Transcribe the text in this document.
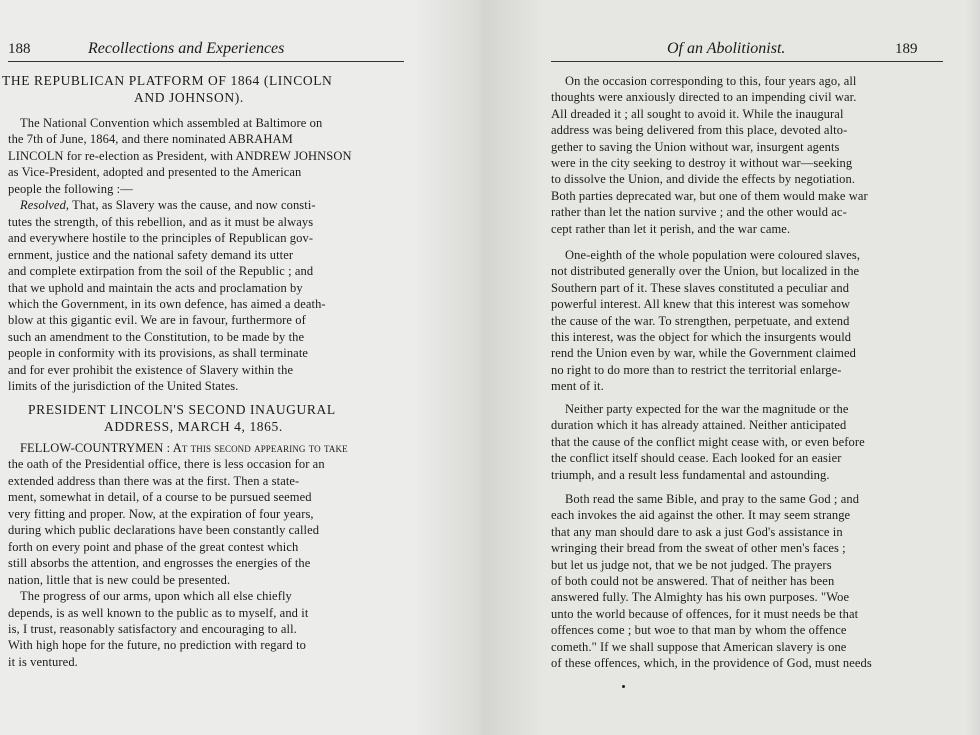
188	Recollections and Experiences
THE REPUBLICAN PLATFORM OF 1864 (LINCOLN
AND JOHNSON).
The National Convention which assembled at Baltimore on
the 7th of June, 1864, and there nominated ABRAHAM
LINCOLN for re-election as President, with ANDREW JOHNSON
as Vice-President, adopted and presented to the American
people the following :—
Resolved, That, as Slavery was the cause, and now consti-
tutes the strength, of this rebellion, and as it must be always
and everywhere hostile to the principles of Republican gov-
ernment, justice and the national safety demand its utter
and complete extirpation from the soil of the Republic ; and
that we uphold and maintain the acts and proclamation by
which the Government, in its own defence, has aimed a death-
blow at this gigantic evil. We are in favour, furthermore of
such an amendment to the Constitution, to be made by the
people in conformity with its provisions, as shall terminate
and for ever prohibit the existence of Slavery within the
limits of the jurisdiction of the United States.
PRESIDENT LINCOLN'S SECOND INAUGURAL
ADDRESS, MARCH 4, 1865.
FELLOW-COUNTRYMEN : At this second appearing to take
the oath of the Presidential office, there is less occasion for an
extended address than there was at the first. Then a state-
ment, somewhat in detail, of a course to be pursued seemed
very fitting and proper. Now, at the expiration of four years,
during which public declarations have been constantly called
forth on every point and phase of the great contest which
still absorbs the attention, and engrosses the energies of the
nation, little that is new could be presented.
The progress of our arms, upon which all else chiefly
depends, is as well known to the public as to myself, and it
is, I trust, reasonably satisfactory and encouraging to all.
With high hope for the future, no prediction with regard to
it is ventured.
Of an Abolitionist.	189
On the occasion corresponding to this, four years ago, all
thoughts were anxiously directed to an impending civil war.
All dreaded it ; all sought to avoid it. While the inaugural
address was being delivered from this place, devoted alto-
gether to saving the Union without war, insurgent agents
were in the city seeking to destroy it without war—seeking
to dissolve the Union, and divide the effects by negotiation.
Both parties deprecated war, but one of them would make war
rather than let the nation survive ; and the other would ac-
cept rather than let it perish, and the war came.
One-eighth of the whole population were coloured slaves,
not distributed generally over the Union, but localized in the
Southern part of it. These slaves constituted a peculiar and
powerful interest. All knew that this interest was somehow
the cause of the war. To strengthen, perpetuate, and extend
this interest, was the object for which the insurgents would
rend the Union even by war, while the Government claimed
no right to do more than to restrict the territorial enlarge-
ment of it.
Neither party expected for the war the magnitude or the
duration which it has already attained. Neither anticipated
that the cause of the conflict might cease with, or even before
the conflict itself should cease. Each looked for an easier
triumph, and a result less fundamental and astounding.
Both read the same Bible, and pray to the same God ; and
each invokes the aid against the other. It may seem strange
that any man should dare to ask a just God's assistance in
wringing their bread from the sweat of other men's faces ;
but let us judge not, that we be not judged. The prayers
of both could not be answered. That of neither has been
answered fully. The Almighty has his own purposes. "Woe
unto the world because of offences, for it must needs be that
offences come ; but woe to that man by whom the offence
cometh." If we shall suppose that American slavery is one
of these offences, which, in the providence of God, must needs
